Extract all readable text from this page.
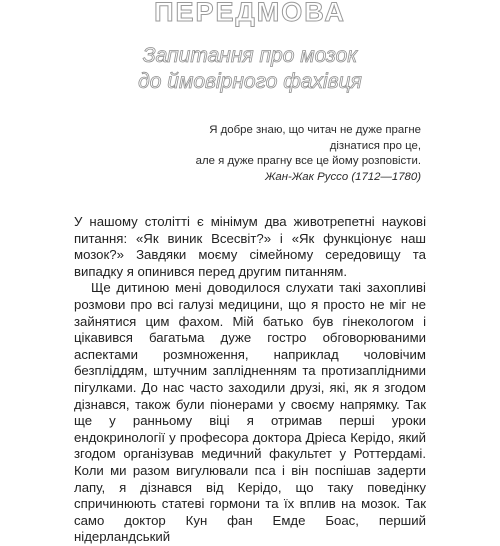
ПЕРЕДМОВА
Запитання про мозок
до ймовірного фахівця
Я добре знаю, що читач не дуже прагне
дізнатися про це,
але я дуже прагну все це йому розповісти.
Жан-Жак Руссо (1712—1780)

У нашому столітті є мінімум два животрепетні наукові питання: «Як виник Всесвіт?» і «Як функціонує наш мозок?» Завдяки моєму сімейному середовищу та випадку я опинився перед другим питанням.

Ще дитиною мені доводилося слухати такі захопливі розмови про всі галузі медицини, що я просто не міг не зайнятися цим фахом. Мій батько був гінекологом і цікавився багатьма дуже гостро обговорюваними аспектами розмноження, наприклад чоловічим безпліддям, штучним заплідненням та протизаплідними пігулками. До нас часто заходили друзі, які, як я згодом дізнався, також були піонерами у своєму напрямку. Так ще у ранньому віці я отримав перші уроки ендокринології у професора доктора Дріеса Керідо, який згодом організував медичний факультет у Роттердамі. Коли ми разом вигулювали пса і він поспішав задерти лапу, я дізнався від Керідо, що таку поведінку спричинюють статеві гормони та їх вплив на мозок. Так само доктор Кун фан Емде Боас, перший нідерландський
